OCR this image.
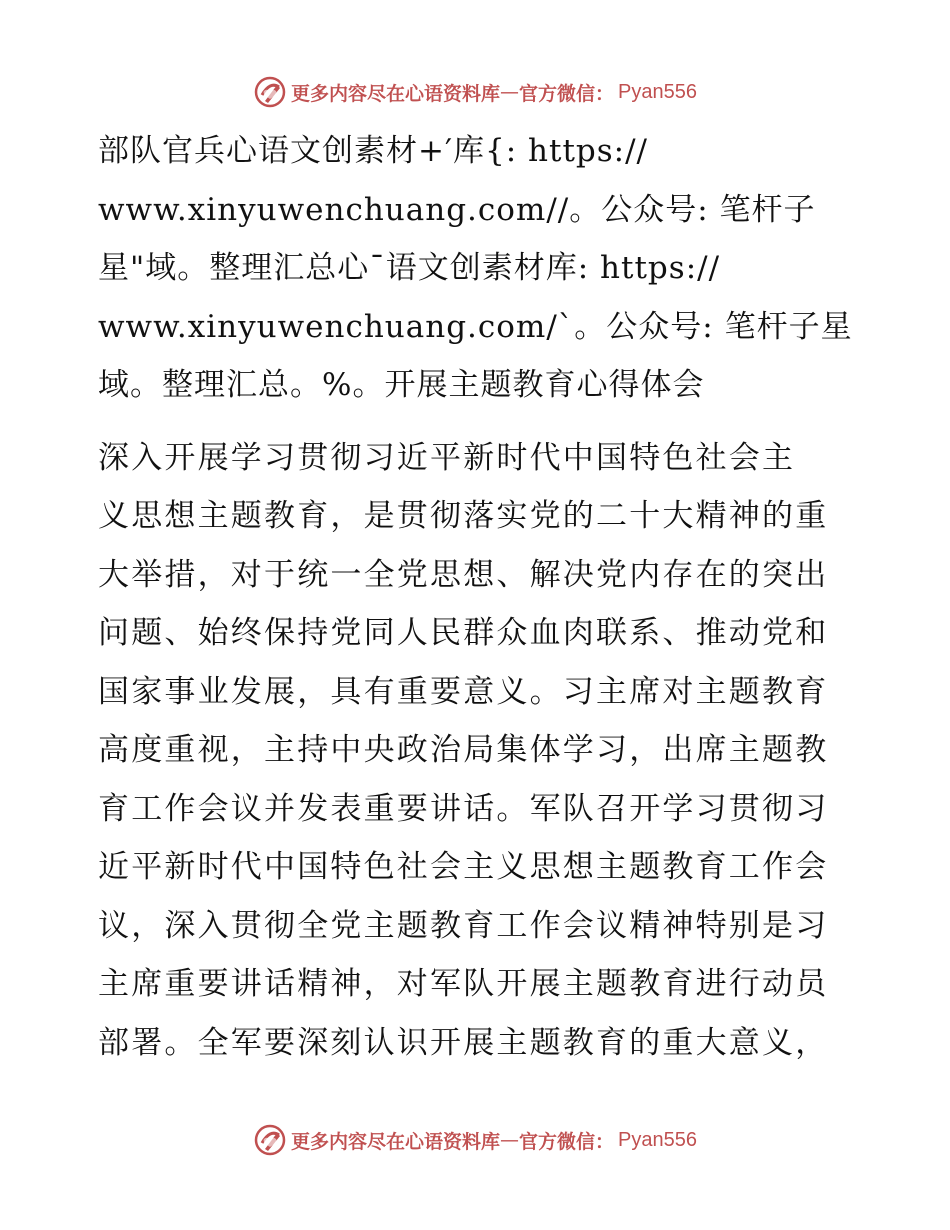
更多内容尽在心语资料库 — 官方微信： Pyan556
部队官兵心语文创素材+′库{: https://
www.xinyuwenchuang.com//。公众号: 笔杆子
星"域。整理汇总心¯语文创素材库: https://
www.xinyuwenchuang.com/`。公众号: 笔杆子星
域。整理汇总。%。开展主题教育心得体会
深入开展学习贯彻习近平新时代中国特色社会主
义思想主题教育，是贯彻落实党的二十大精神的重
大举措，对于统一全党思想、解决党内存在的突出
问题、始终保持党同人民群众血肉联系、推动党和
国家事业发展，具有重要意义。习主席对主题教育
高度重视，主持中央政治局集体学习，出席主题教
育工作会议并发表重要讲话。军队召开学习贯彻习
近平新时代中国特色社会主义思想主题教育工作会
议，深入贯彻全党主题教育工作会议精神特别是习
主席重要讲话精神，对军队开展主题教育进行动员
部署。全军要深刻认识开展主题教育的重大意义，
更多内容尽在心语资料库 — 官方微信： Pyan556
